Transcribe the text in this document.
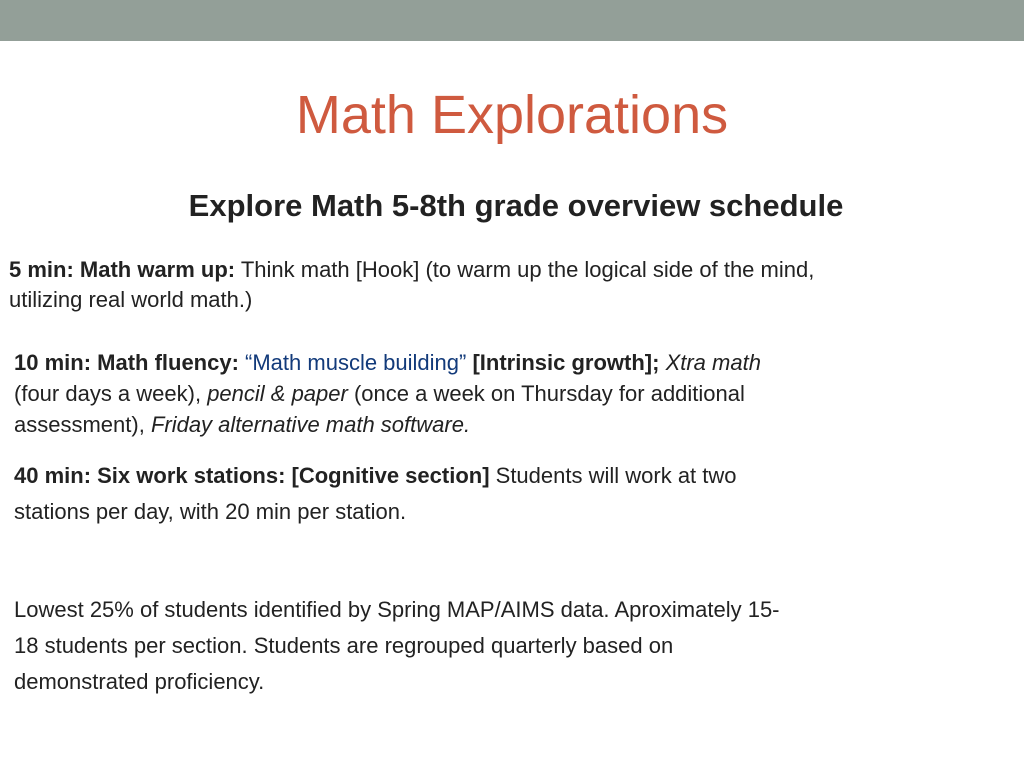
Math Explorations
Explore Math 5-8th grade overview schedule
5 min: Math warm up: Think math [Hook] (to warm up the logical side of the mind,
utilizing real world math.)
10 min: Math fluency: “Math muscle building” [Intrinsic growth]; Xtra math
(four days a week), pencil & paper (once a week on Thursday for additional
assessment), Friday alternative math software.
40 min: Six work stations: [Cognitive section] Students will work at two
stations per day, with 20 min per station.
Lowest 25% of students identified by Spring MAP/AIMS data. Aproximately 15-
18 students per section. Students are regrouped quarterly based on
demonstrated proficiency.
